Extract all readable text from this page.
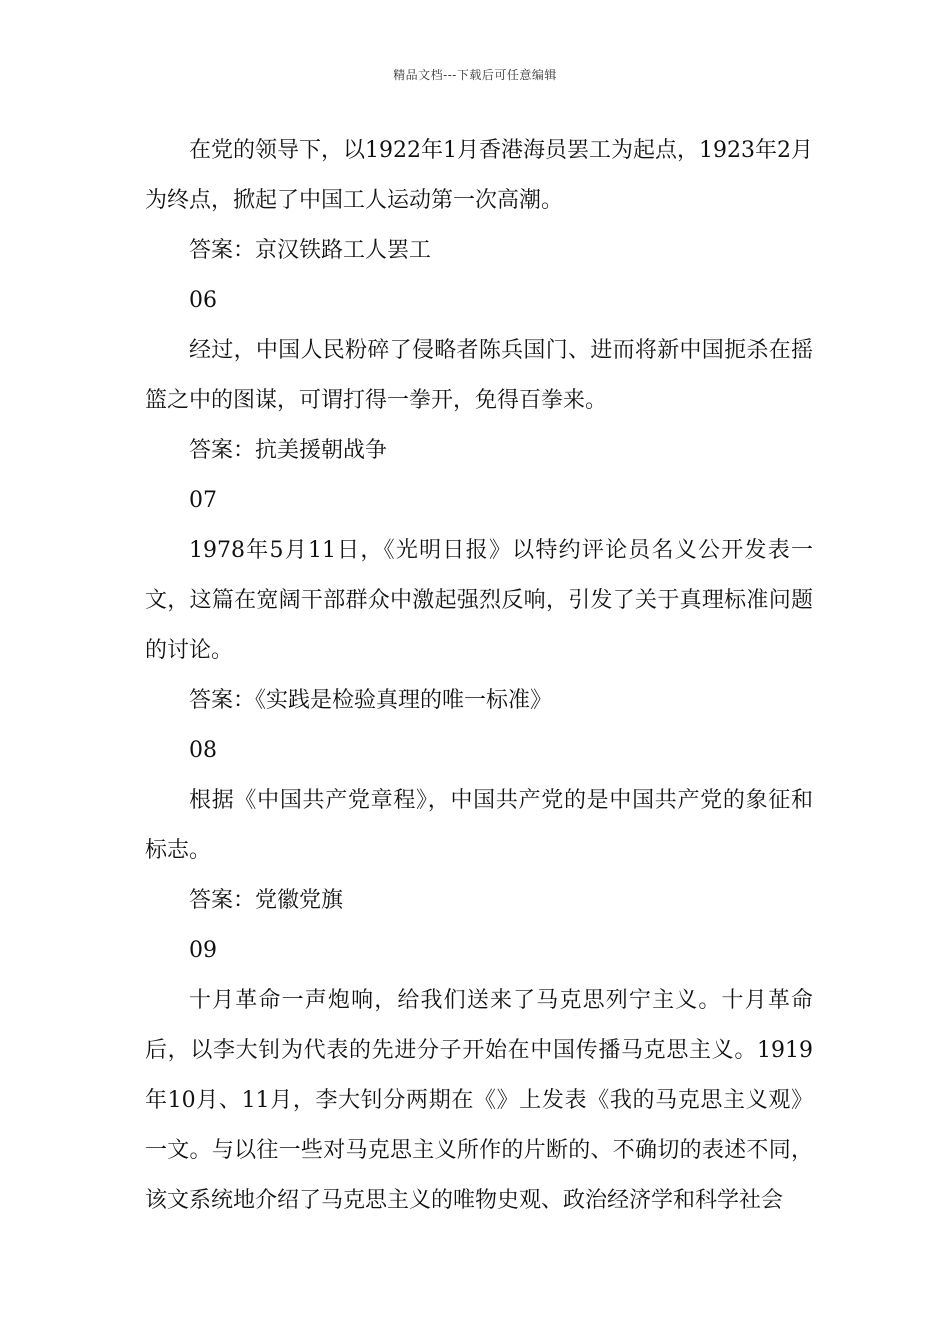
精品文档---下载后可任意编辑

在党的领导下，以1922年1月香港海员罢工为起点，1923年2月为终点，掀起了中国工人运动第一次高潮。

答案：京汉铁路工人罢工

06

经过，中国人民粉碎了侵略者陈兵国门、进而将新中国扼杀在摇篮之中的图谋，可谓打得一拳开，免得百拳来。

答案：抗美援朝战争

07

1978年5月11日，《光明日报》以特约评论员名义公开发表一文，这篇在宽阔干部群众中激起强烈反响，引发了关于真理标准问题的讨论。

答案：《实践是检验真理的唯一标准》

08

根据《中国共产党章程》，中国共产党的是中国共产党的象征和标志。

答案：党徽党旗

09

十月革命一声炮响，给我们送来了马克思列宁主义。十月革命后，以李大钊为代表的先进分子开始在中国传播马克思主义。1919年10月、11月，李大钊分两期在《》上发表《我的马克思主义观》一文。与以往一些对马克思主义所作的片断的、不确切的表述不同，该文系统地介绍了马克思主义的唯物史观、政治经济学和科学社会
